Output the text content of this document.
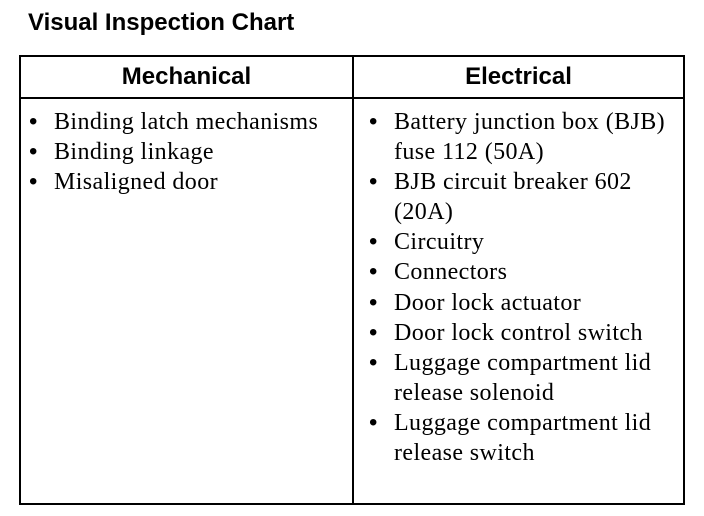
Visual Inspection Chart
Mechanical	Electrical
• Binding latch mechanisms
• Binding linkage
• Misaligned door
• Battery junction box (BJB) fuse 112 (50A)
• BJB circuit breaker 602 (20A)
• Circuitry
• Connectors
• Door lock actuator
• Door lock control switch
• Luggage compartment lid release solenoid
• Luggage compartment lid release switch
